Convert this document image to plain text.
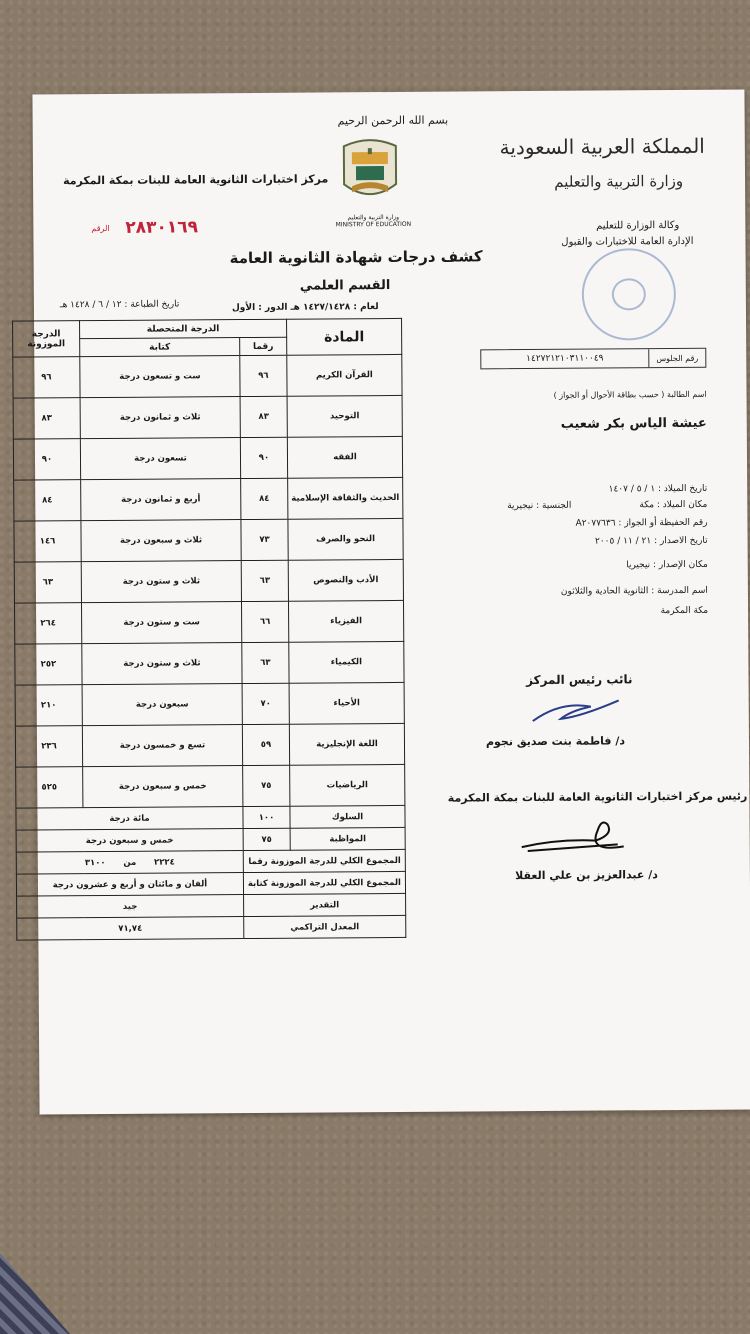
بسم الله الرحمن الرحيم
وزارة التربية والتعليم
MINISTRY OF EDUCATION
المملكة العربية السعودية
وزارة التربية والتعليم
مركز اختبارات الثانوية العامة للبنات بمكة المكرمة
وكالة الوزارة للتعليم
الإدارة العامة للاختبارات والقبول
٢٨٣٠١٦٩
الرقم
كشف درجات شهادة الثانوية العامة
القسم العلمي
لعام : ١٤٢٧/١٤٢٨ هـ الدور : الأول
تاريخ الطباعة : ١٢ / ٦ / ١٤٢٨ هـ
رقم الجلوس
١٤٢٧٢١٢١٠٣١١٠٠٤٩
اسم الطالبة ( حسب بطاقة الأحوال أو الجواز )
عيشة الياس بكر شعيب
تاريخ الميلاد : ١ / ٥ / ١٤٠٧
مكان الميلاد : مكة
الجنسية : نيجيرية
رقم الحفيظة أو الجواز : A٢٠٧٧٦٣٦
تاريخ الاصدار : ٢١ / ١١ / ٢٠٠٥
مكان الإصدار : نيجيريا
اسم المدرسة : الثانوية الحادية والثلاثون
مكة المكرمة
نائب رئيس المركز
د/ فاطمة بنت صديق نجوم
رئيس مركز اختبارات الثانوية العامة للبنات بمكة المكرمة
د/ عبدالعزيز بن علي العقلا
المادة	الدرجة المتحصلة		الدرجة الموزونة
	رقما	كتابة	
القرآن الكريم	٩٦	ست و تسعون درجة	٩٦
التوحيد	٨٣	ثلاث و ثمانون درجة	٨٣
الفقه	٩٠	تسعون درجة	٩٠
الحديث والثقافة الإسلامية	٨٤	أربع و ثمانون درجة	٨٤
النحو والصرف	٧٣	ثلاث و سبعون درجة	١٤٦
الأدب والنصوص	٦٣	ثلاث و ستون درجة	٦٣
الفيزياء	٦٦	ست و ستون درجة	٢٦٤
الكيمياء	٦٣	ثلاث و ستون درجة	٢٥٢
الأحياء	٧٠	سبعون درجة	٢١٠
اللغة الإنجليزية	٥٩	تسع و خمسون درجة	٢٣٦
الرياضيات	٧٥	خمس و سبعون درجة	٥٢٥
السلوك	١٠٠	مائة درجة	
المواظبة	٧٥	خمس و سبعون درجة	
المجموع الكلي للدرجة الموزونة رقما		٢٢٢٤      من      ٣١٠٠	
المجموع الكلي للدرجة الموزونة كتابة		ألفان و مائتان و أربع و عشرون درجة	
التقدير		جيد	
المعدل التراكمي		٧١,٧٤	
